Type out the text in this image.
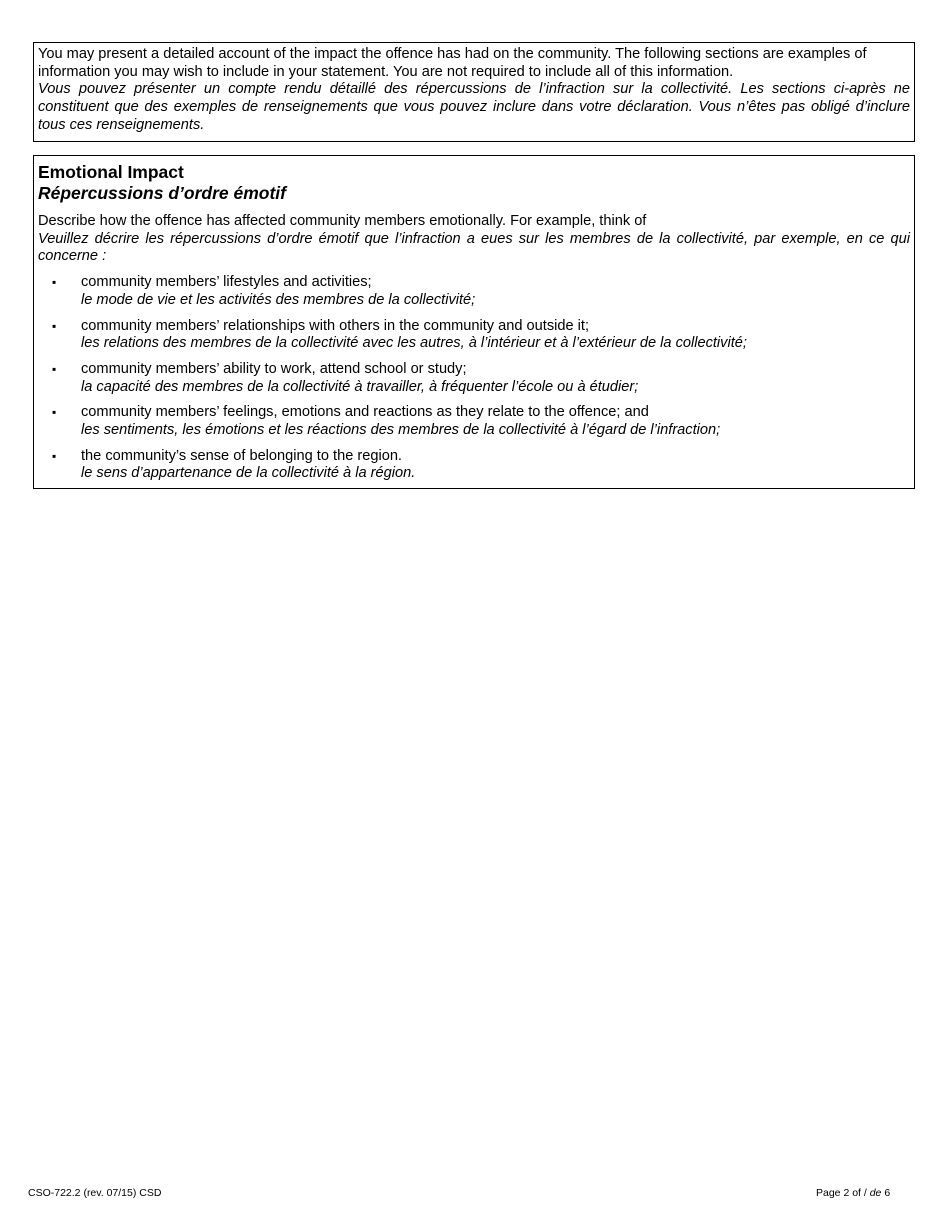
You may present a detailed account of the impact the offence has had on the community. The following sections are examples of information you may wish to include in your statement. You are not required to include all of this information.
Vous pouvez présenter un compte rendu détaillé des répercussions de l’infraction sur la collectivité. Les sections ci-après ne constituent que des exemples de renseignements que vous pouvez inclure dans votre déclaration. Vous n’êtes pas obligé d’inclure tous ces renseignements.
Emotional Impact
Répercussions d’ordre émotif
Describe how the offence has affected community members emotionally. For example, think of
Veuillez décrire les répercussions d’ordre émotif que l’infraction a eues sur les membres de la collectivité, par exemple, en ce qui concerne :
▪ community members’ lifestyles and activities;
le mode de vie et les activités des membres de la collectivité;
▪ community members’ relationships with others in the community and outside it;
les relations des membres de la collectivité avec les autres, à l’intérieur et à l’extérieur de la collectivité;
▪ community members’ ability to work, attend school or study;
la capacité des membres de la collectivité à travailler, à fréquenter l’école ou à étudier;
▪ community members’ feelings, emotions and reactions as they relate to the offence; and
les sentiments, les émotions et les réactions des membres de la collectivité à l’égard de l’infraction;
▪ the community’s sense of belonging to the region.
le sens d’appartenance de la collectivité à la région.
CSO-722.2 (rev. 07/15) CSD	Page 2 of / de 6
